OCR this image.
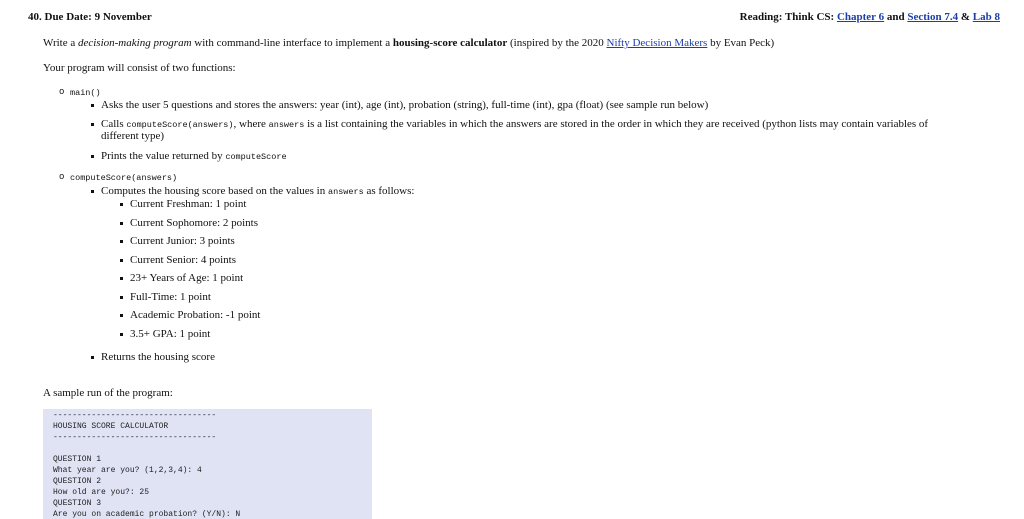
40. Due Date: 9 November	Reading: Think CS: Chapter 6 and Section 7.4 & Lab 8
Write a decision-making program with command-line interface to implement a housing-score calculator (inspired by the 2020 Nifty Decision Makers by Evan Peck)
Your program will consist of two functions:
o main()
Asks the user 5 questions and stores the answers: year (int), age (int), probation (string), full-time (int), gpa (float) (see sample run below)
Calls computeScore(answers), where answers is a list containing the variables in which the answers are stored in the order in which they are received (python lists may contain variables of
different type)
Prints the value returned by computeScore
o computeScore(answers)
Computes the housing score based on the values in answers as follows:
Current Freshman: 1 point
Current Sophomore: 2 points
Current Junior: 3 points
Current Senior: 4 points
23+ Years of Age: 1 point
Full-Time: 1 point
Academic Probation: -1 point
3.5+ GPA: 1 point
Returns the housing score
A sample run of the program:
----------------------------------
HOUSING SCORE CALCULATOR
----------------------------------
QUESTION 1
What year are you? (1,2,3,4): 4
QUESTION 2
How old are you?: 25
QUESTION 3
Are you on academic probation? (Y/N): N
